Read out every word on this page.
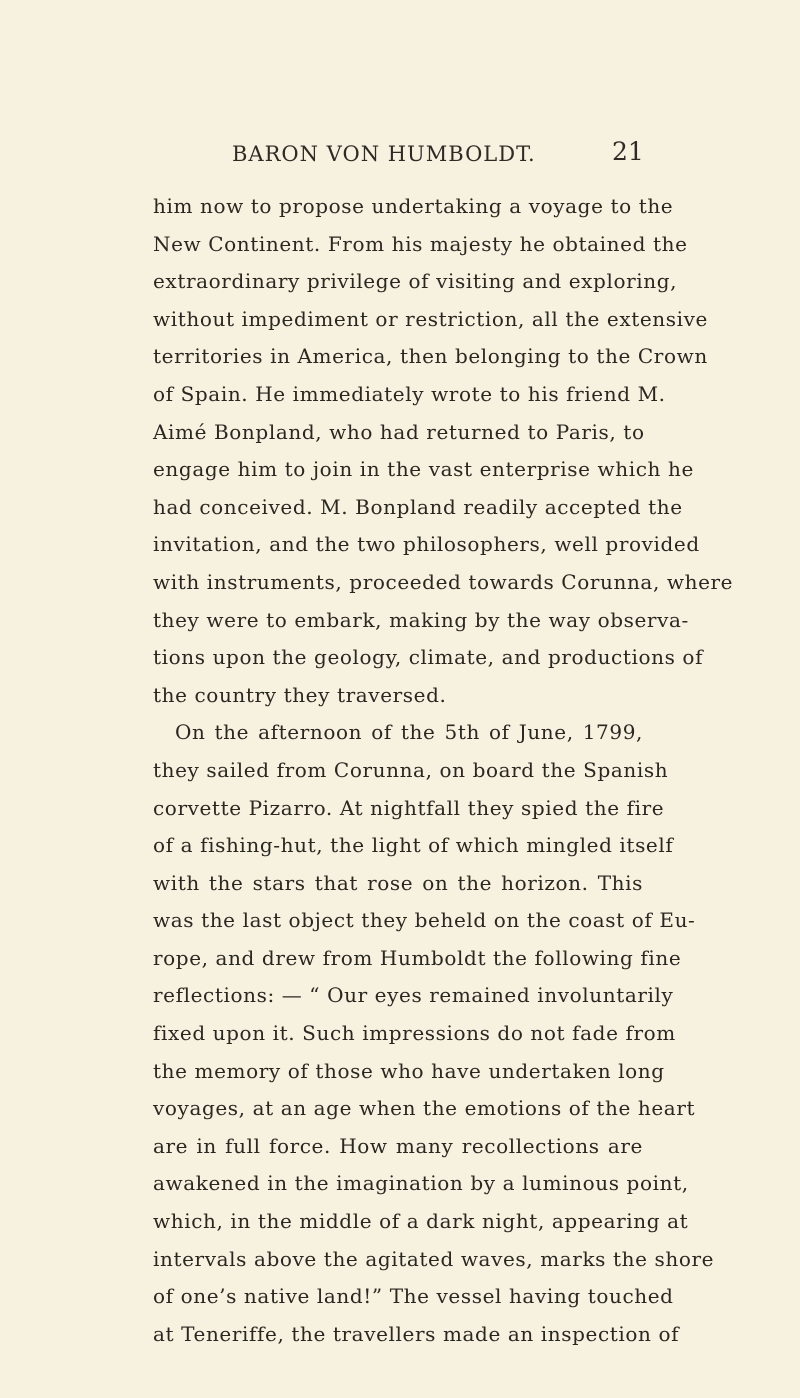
BARON VON HUMBOLDT.	21
him now to propose undertaking a voyage to the
New Continent. From his majesty he obtained the
extraordinary privilege of visiting and exploring,
without impediment or restriction, all the extensive
territories in America, then belonging to the Crown
of Spain. He immediately wrote to his friend M.
Aimé Bonpland, who had returned to Paris, to
engage him to join in the vast enterprise which he
had conceived. M. Bonpland readily accepted the
invitation, and the two philosophers, well provided
with instruments, proceeded towards Corunna, where
they were to embark, making by the way observa-
tions upon the geology, climate, and productions of
the country they traversed.
On the afternoon of the 5th of June, 1799,
they sailed from Corunna, on board the Spanish
corvette Pizarro. At nightfall they spied the fire
of a fishing-hut, the light of which mingled itself
with the stars that rose on the horizon. This
was the last object they beheld on the coast of Eu-
rope, and drew from Humboldt the following fine
reflections: — “ Our eyes remained involuntarily
fixed upon it. Such impressions do not fade from
the memory of those who have undertaken long
voyages, at an age when the emotions of the heart
are in full force. How many recollections are
awakened in the imagination by a luminous point,
which, in the middle of a dark night, appearing at
intervals above the agitated waves, marks the shore
of one’s native land!” The vessel having touched
at Teneriffe, the travellers made an inspection of
